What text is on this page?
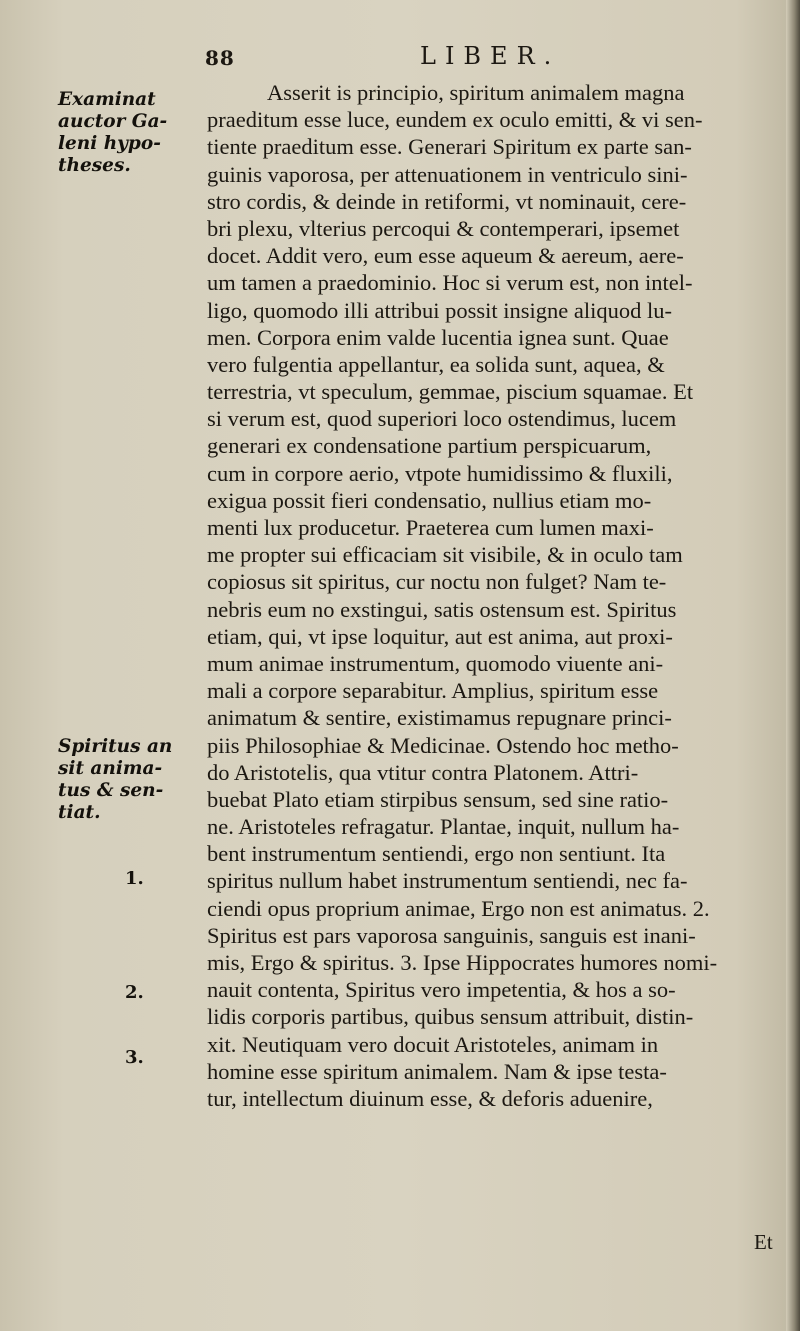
88	LIBER.
Examinat
auctor Ga-
leni hypo-
theses.
Spiritus an
sit anima-
tus & sen-
tiat.
1.
2.
3.
Asserit is principio, spiritum animalem magna
praeditum esse luce, eundem ex oculo emitti, & vi sen-
tiente praeditum esse. Generari Spiritum ex parte san-
guinis vaporosa, per attenuationem in ventriculo sini-
stro cordis, & deinde in retiformi, vt nominauit, cere-
bri plexu, vlterius percoqui & contemperari, ipsemet
docet. Addit vero, eum esse aqueum & aereum, aere-
um tamen a praedominio. Hoc si verum est, non intel-
ligo, quomodo illi attribui possit insigne aliquod lu-
men. Corpora enim valde lucentia ignea sunt. Quae
vero fulgentia appellantur, ea solida sunt, aquea, &
terrestria, vt speculum, gemmae, piscium squamae. Et
si verum est, quod superiori loco ostendimus, lucem
generari ex condensatione partium perspicuarum,
cum in corpore aerio, vtpote humidissimo & fluxili,
exigua possit fieri condensatio, nullius etiam mo-
menti lux producetur. Praeterea cum lumen maxi-
me propter sui efficaciam sit visibile, & in oculo tam
copiosus sit spiritus, cur noctu non fulget? Nam te-
nebris eum no exstingui, satis ostensum est. Spiritus
etiam, qui, vt ipse loquitur, aut est anima, aut proxi-
mum animae instrumentum, quomodo viuente ani-
mali a corpore separabitur. Amplius, spiritum esse
animatum & sentire, existimamus repugnare princi-
piis Philosophiae & Medicinae. Ostendo hoc metho-
do Aristotelis, qua vtitur contra Platonem. Attri-
buebat Plato etiam stirpibus sensum, sed sine ratio-
ne. Aristoteles refragatur. Plantae, inquit, nullum ha-
bent instrumentum sentiendi, ergo non sentiunt. Ita
spiritus nullum habet instrumentum sentiendi, nec fa-
ciendi opus proprium animae, Ergo non est animatus. 2.
Spiritus est pars vaporosa sanguinis, sanguis est inani-
mis, Ergo & spiritus. 3. Ipse Hippocrates humores nomi-
nauit contenta, Spiritus vero impetentia, & hos a so-
lidis corporis partibus, quibus sensum attribuit, distin-
xit. Neutiquam vero docuit Aristoteles, animam in
homine esse spiritum animalem. Nam & ipse testa-
tur, intellectum diuinum esse, & deforis aduenire,
Et
